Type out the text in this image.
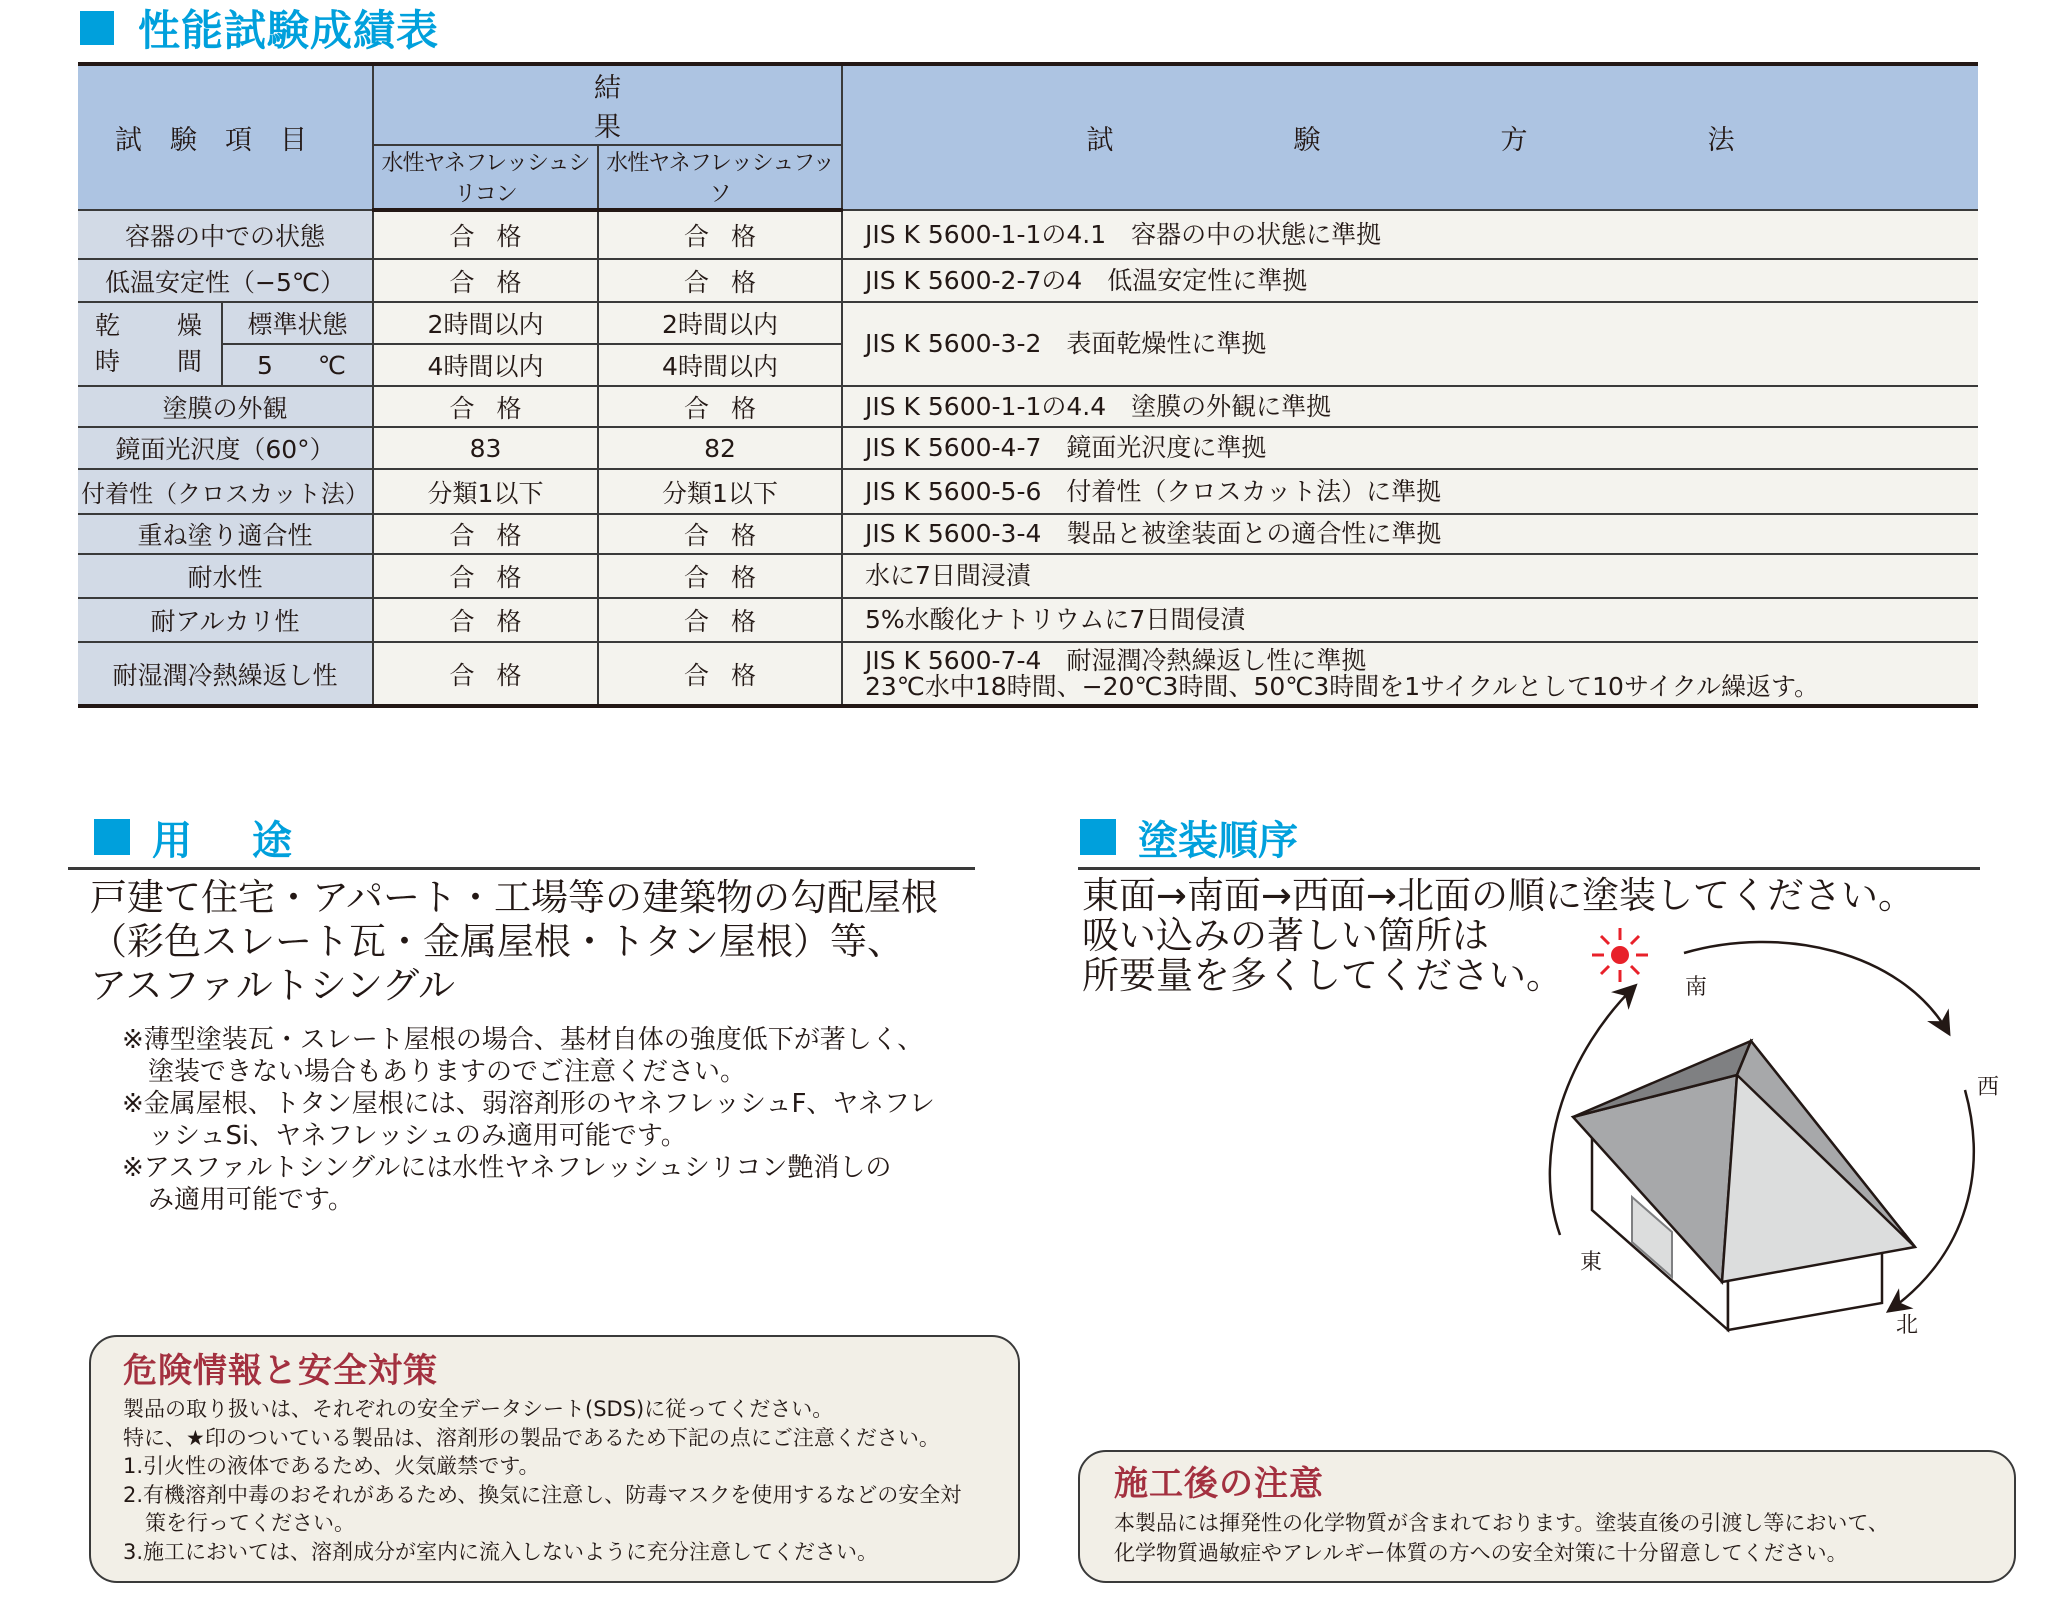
性能試験成績表
試験項目		結果		試験方法
		水性ヤネフレッシュシリコン	水性ヤネフレッシュフッソ	
容器の中での状態		合格	合格	JIS K 5600-1-1の4.1　容器の中の状態に準拠
低温安定性（−5℃）		合格	合格	JIS K 5600-2-7の4　低温安定性に準拠

乾　燥
時　間	標準状態	2時間以内	2時間以内	JIS K 5600-3-2　表面乾燥性に準拠

	5 ℃	4時間以内	4時間以内	
塗膜の外観		合格	合格	JIS K 5600-1-1の4.4　塗膜の外観に準拠
鏡面光沢度（60°）		83	82	JIS K 5600-4-7　鏡面光沢度に準拠
付着性（クロスカット法）		分類1以下	分類1以下	JIS K 5600-5-6　付着性（クロスカット法）に準拠
重ね塗り適合性		合格	合格	JIS K 5600-3-4　製品と被塗装面との適合性に準拠
耐水性		合格	合格	水に7日間浸漬
耐アルカリ性		合格	合格	5%水酸化ナトリウムに7日間侵漬
耐湿潤冷熱繰返し性		合格	合格	JIS K 5600-7-4　耐湿潤冷熱繰返し性に準拠
23℃水中18時間、−20℃3時間、50℃3時間を1サイクルとして10サイクル繰返す。
用途
戸建て住宅・アパート・工場等の建築物の勾配屋根
（彩色スレート瓦・金属屋根・トタン屋根）等、
アスファルトシングル
※薄型塗装瓦・スレート屋根の場合、基材自体の強度低下が著しく、
　塗装できない場合もありますのでご注意ください。
※金属屋根、トタン屋根には、弱溶剤形のヤネフレッシュF、ヤネフレ
　ッシュSi、ヤネフレッシュのみ適用可能です。
※アスファルトシングルには水性ヤネフレッシュシリコン艶消しの
　み適用可能です。
危険情報と安全対策
製品の取り扱いは、それぞれの安全データシート(SDS)に従ってください。
特に、★印のついている製品は、溶剤形の製品であるため下記の点にご注意ください。
1.引火性の液体であるため、火気厳禁です。
2.有機溶剤中毒のおそれがあるため、換気に注意し、防毒マスクを使用するなどの安全対
策を行ってください。
3.施工においては、溶剤成分が室内に流入しないように充分注意してください。
塗装順序
東面→南面→西面→北面の順に塗装してください。
吸い込みの著しい箇所は
所要量を多くしてください。	南
西
北
東
施工後の注意
本製品には揮発性の化学物質が含まれております。塗装直後の引渡し等において、
化学物質過敏症やアレルギー体質の方への安全対策に十分留意してください。
